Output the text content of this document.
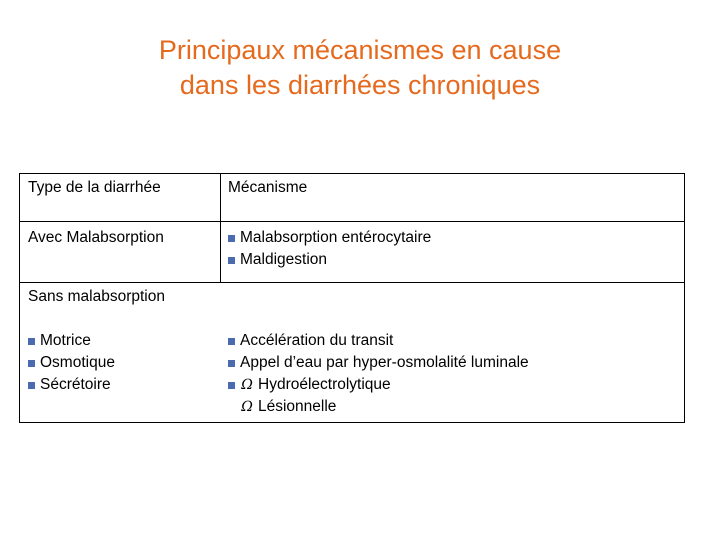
Principaux mécanismes en cause
dans les diarrhées chroniques
Type de la diarrhée	Mécanisme
Avec Malabsorption	Malabsorption entérocytaire
Maldigestion
Sans malabsorption
Motrice
Osmotique
Sécrétoire
Accélération du transit
Appel d’eau par hyper-osmolalité luminale
Ω Hydroélectrolytique
Ω Lésionnelle
